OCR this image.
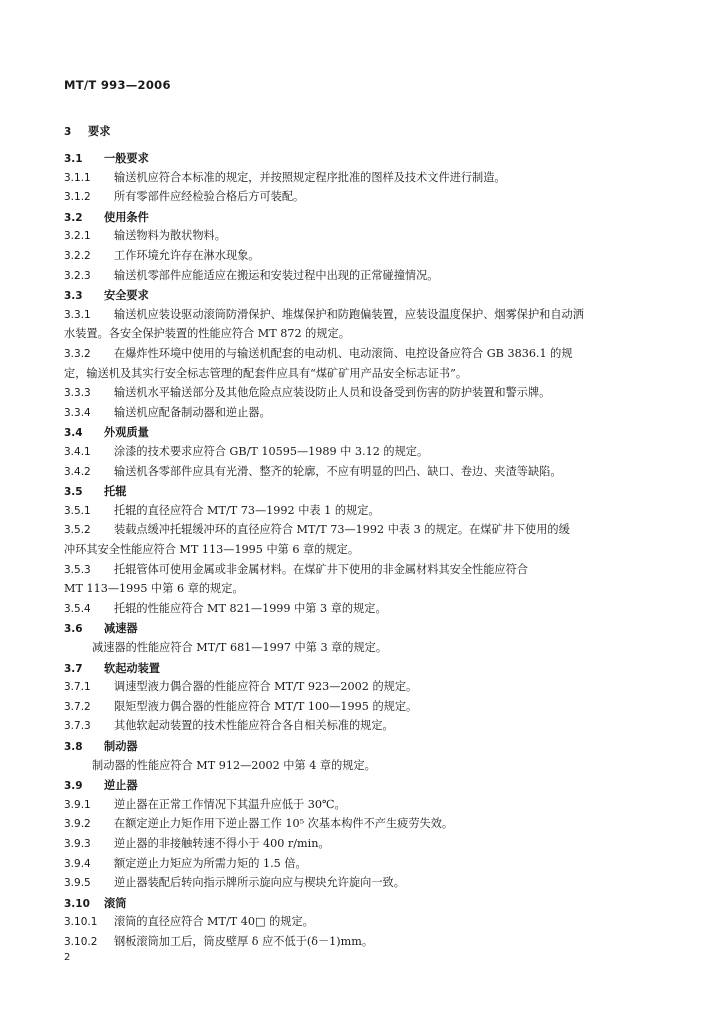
MT/T 993—2006
3 要求
3.1 一般要求
3.1.1 输送机应符合本标准的规定，并按照规定程序批准的图样及技术文件进行制造。
3.1.2 所有零部件应经检验合格后方可装配。
3.2 使用条件
3.2.1 输送物料为散状物料。
3.2.2 工作环境允许存在淋水现象。
3.2.3 输送机零部件应能适应在搬运和安装过程中出现的正常碰撞情况。
3.3 安全要求
3.3.1 输送机应装设驱动滚筒防滑保护、堆煤保护和防跑偏装置，应装设温度保护、烟雾保护和自动洒
水装置。各安全保护装置的性能应符合 MT 872 的规定。
3.3.2 在爆炸性环境中使用的与输送机配套的电动机、电动滚筒、电控设备应符合 GB 3836.1 的规
定，输送机及其实行安全标志管理的配套件应具有“煤矿矿用产品安全标志证书”。
3.3.3 输送机水平输送部分及其他危险点应装设防止人员和设备受到伤害的防护装置和警示牌。
3.3.4 输送机应配备制动器和逆止器。
3.4 外观质量
3.4.1 涂漆的技术要求应符合 GB/T 10595—1989 中 3.12 的规定。
3.4.2 输送机各零部件应具有光滑、整齐的轮廓，不应有明显的凹凸、缺口、卷边、夹渣等缺陷。
3.5 托辊
3.5.1 托辊的直径应符合 MT/T 73—1992 中表 1 的规定。
3.5.2 装载点缓冲托辊缓冲环的直径应符合 MT/T 73—1992 中表 3 的规定。在煤矿井下使用的缓
冲环其安全性能应符合 MT 113—1995 中第 6 章的规定。
3.5.3 托辊管体可使用金属或非金属材料。在煤矿井下使用的非金属材料其安全性能应符合
MT 113—1995 中第 6 章的规定。
3.5.4 托辊的性能应符合 MT 821—1999 中第 3 章的规定。
3.6 减速器
减速器的性能应符合 MT/T 681—1997 中第 3 章的规定。
3.7 软起动装置
3.7.1 调速型液力偶合器的性能应符合 MT/T 923—2002 的规定。
3.7.2 限矩型液力偶合器的性能应符合 MT/T 100—1995 的规定。
3.7.3 其他软起动装置的技术性能应符合各自相关标准的规定。
3.8 制动器
制动器的性能应符合 MT 912—2002 中第 4 章的规定。
3.9 逆止器
3.9.1 逆止器在正常工作情况下其温升应低于 30℃。
3.9.2 在额定逆止力矩作用下逆止器工作 10⁵ 次基本构件不产生疲劳失效。
3.9.3 逆止器的非接触转速不得小于 400 r/min。
3.9.4 额定逆止力矩应为所需力矩的 1.5 倍。
3.9.5 逆止器装配后转向指示牌所示旋向应与楔块允许旋向一致。
3.10 滚筒
3.10.1 滚筒的直径应符合 MT/T 40□ 的规定。
3.10.2 钢板滚筒加工后，筒皮壁厚 δ 应不低于(δ－1)mm。
2
